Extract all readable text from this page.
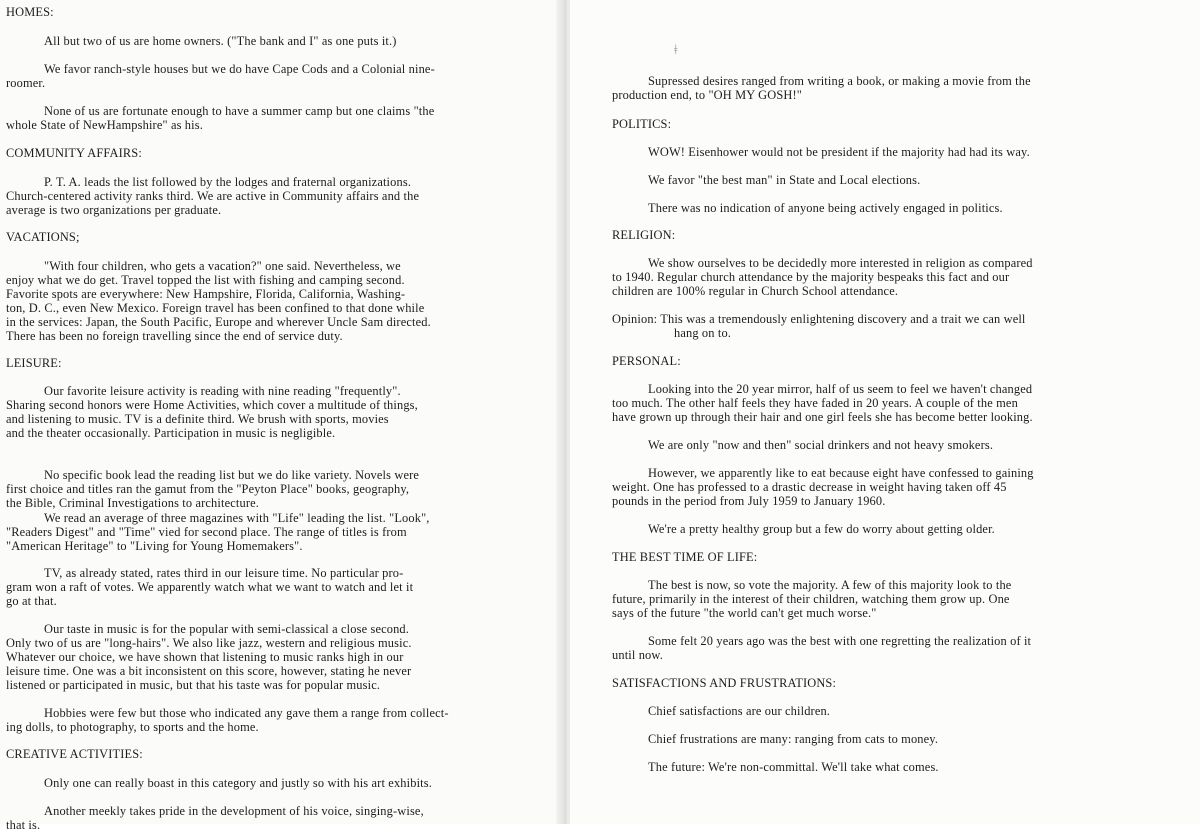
HOMES:
All but two of us are home owners. ("The bank and I" as one puts it.)
We favor ranch-style houses but we do have Cape Cods and a Colonial nine-
roomer.
None of us are fortunate enough to have a summer camp but one claims "the
whole State of NewHampshire" as his.
COMMUNITY AFFAIRS:
P. T. A. leads the list followed by the lodges and fraternal organizations.
Church-centered activity ranks third. We are active in Community affairs and the
average is two organizations per graduate.
VACATIONS;
"With four children, who gets a vacation?" one said. Nevertheless, we
enjoy what we do get. Travel topped the list with fishing and camping second.
Favorite spots are everywhere: New Hampshire, Florida, California, Washing-
ton, D. C., even New Mexico. Foreign travel has been confined to that done while
in the services: Japan, the South Pacific, Europe and wherever Uncle Sam directed.
There has been no foreign travelling since the end of service duty.
LEISURE:
Our favorite leisure activity is reading with nine reading "frequently".
Sharing second honors were Home Activities, which cover a multitude of things,
and listening to music. TV is a definite third. We brush with sports, movies
and the theater occasionally. Participation in music is negligible.
No specific book lead the reading list but we do like variety. Novels were
first choice and titles ran the gamut from the "Peyton Place" books, geography,
the Bible, Criminal Investigations to architecture.
We read an average of three magazines with "Life" leading the list. "Look",
"Readers Digest" and "Time" vied for second place. The range of titles is from
"American Heritage" to "Living for Young Homemakers".
TV, as already stated, rates third in our leisure time. No particular pro-
gram won a raft of votes. We apparently watch what we want to watch and let it
go at that.
Our taste in music is for the popular with semi-classical a close second.
Only two of us are "long-hairs". We also like jazz, western and religious music.
Whatever our choice, we have shown that listening to music ranks high in our
leisure time. One was a bit inconsistent on this score, however, stating he never
listened or participated in music, but that his taste was for popular music.
Hobbies were few but those who indicated any gave them a range from collect-
ing dolls, to photography, to sports and the home.
CREATIVE ACTIVITIES:
Only one can really boast in this category and justly so with his art exhibits.
Another meekly takes pride in the development of his voice, singing-wise,
that is.
ǂ
Supressed desires ranged from writing a book, or making a movie from the
production end, to "OH MY GOSH!"
POLITICS:
WOW! Eisenhower would not be president if the majority had had its way.
We favor "the best man" in State and Local elections.
There was no indication of anyone being actively engaged in politics.
RELIGION:
We show ourselves to be decidedly more interested in religion as compared
to 1940. Regular church attendance by the majority bespeaks this fact and our
children are 100% regular in Church School attendance.
Opinion: This was a tremendously enlightening discovery and a trait we can well
hang on to.
PERSONAL:
Looking into the 20 year mirror, half of us seem to feel we haven't changed
too much. The other half feels they have faded in 20 years. A couple of the men
have grown up through their hair and one girl feels she has become better looking.
We are only "now and then" social drinkers and not heavy smokers.
However, we apparently like to eat because eight have confessed to gaining
weight. One has professed to a drastic decrease in weight having taken off 45
pounds in the period from July 1959 to January 1960.
We're a pretty healthy group but a few do worry about getting older.
THE BEST TIME OF LIFE:
The best is now, so vote the majority. A few of this majority look to the
future, primarily in the interest of their children, watching them grow up. One
says of the future "the world can't get much worse."
Some felt 20 years ago was the best with one regretting the realization of it
until now.
SATISFACTIONS AND FRUSTRATIONS:
Chief satisfactions are our children.
Chief frustrations are many: ranging from cats to money.
The future: We're non-committal. We'll take what comes.
